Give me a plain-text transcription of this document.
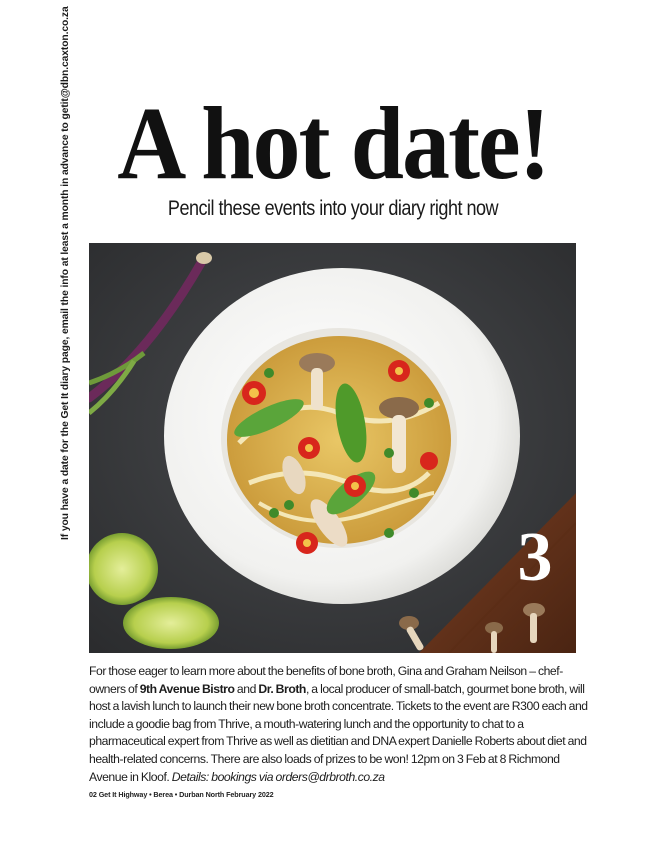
If you have a date for the Get It diary page, email the info at least a month in advance to getit@dbn.caxton.co.za A hot date!
Pencil these events into your diary right now
3
For those eager to learn more about the benefits of bone broth, Gina and Graham Neilson – chef-owners of 9th Avenue Bistro and Dr. Broth, a local producer of small-batch, gourmet bone broth, will host a lavish lunch to launch their new bone broth concentrate. Tickets to the event are R300 each and include a goodie bag from Thrive, a mouth-watering lunch and the opportunity to chat to a pharmaceutical expert from Thrive as well as dietitian and DNA expert Danielle Roberts about diet and health-related concerns. There are also loads of prizes to be won! 12pm on 3 Feb at 8 Richmond Avenue in Kloof. Details: bookings via orders@drbroth.co.za
02 Get It Highway • Berea • Durban North February 2022
